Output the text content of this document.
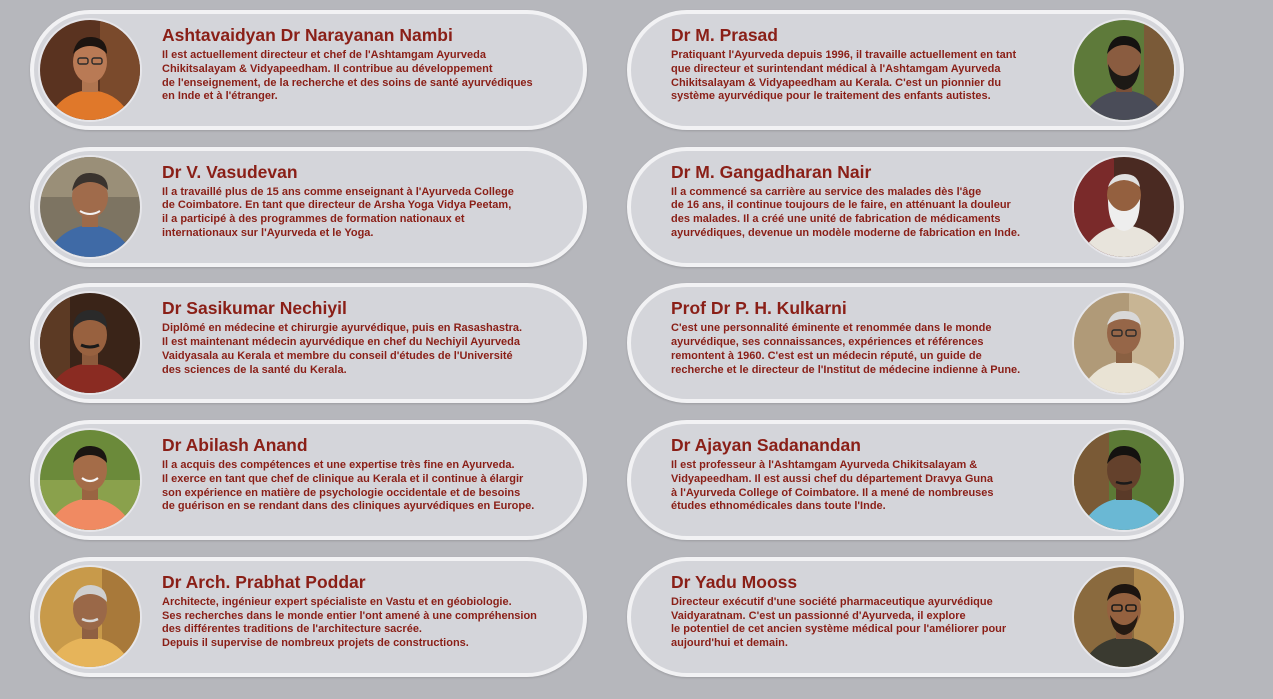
Ashtavaidyan Dr Narayanan Nambi
Il est actuellement directeur et chef de l'Ashtamgam Ayurveda
Chikitsalayam & Vidyapeedham. Il contribue au développement
de l'enseignement, de la recherche et des soins de santé ayurvédiques
en Inde et à l'étranger.
Dr V. Vasudevan
Il a travaillé plus de 15 ans comme enseignant à l'Ayurveda College
de Coimbatore. En tant que directeur de Arsha Yoga Vidya Peetam,
il a participé à des programmes de formation nationaux et
internationaux sur l'Ayurveda et le Yoga.
Dr Sasikumar Nechiyil
Diplômé en médecine et chirurgie ayurvédique, puis en Rasashastra.
Il est maintenant médecin ayurvédique en chef du Nechiyil Ayurveda
Vaidyasala au Kerala et membre du conseil d'études de l'Université
des sciences de la santé du Kerala.
Dr Abilash Anand
Il a acquis des compétences et une expertise très fine en Ayurveda.
Il exerce en tant que chef de clinique au Kerala et il continue à élargir
son expérience en matière de psychologie occidentale et de besoins
de guérison en se rendant dans des cliniques ayurvédiques en Europe.
Dr Arch. Prabhat Poddar
Architecte, ingénieur expert spécialiste en Vastu et en géobiologie.
Ses recherches dans le monde entier l'ont amené à une compréhension
des différentes traditions de l'architecture sacrée.
Depuis il supervise de nombreux projets de constructions.
Dr M. Prasad
Pratiquant l'Ayurveda depuis 1996, il travaille actuellement en tant
que directeur et surintendant médical à l'Ashtamgam Ayurveda
Chikitsalayam & Vidyapeedham au Kerala. C'est un pionnier du
système ayurvédique pour le traitement des enfants autistes.
Dr M. Gangadharan Nair
Il a commencé sa carrière au service des malades dès l'âge
de 16 ans, il continue toujours de le faire, en atténuant la douleur
des malades. Il a créé une unité de fabrication de médicaments
ayurvédiques, devenue un modèle moderne de fabrication en Inde.
Prof Dr P. H. Kulkarni
C'est une personnalité éminente et renommée dans le monde
ayurvédique, ses connaissances, expériences et références
remontent à 1960. C'est est un médecin réputé, un guide de
recherche et le directeur de l'Institut de médecine indienne à Pune.
Dr Ajayan Sadanandan
Il est professeur à l'Ashtamgam Ayurveda Chikitsalayam &
Vidyapeedham. Il est aussi chef du département Dravya Guna
à l'Ayurveda College of Coimbatore. Il a mené de nombreuses
études ethnomédicales dans toute l'Inde.
Dr Yadu Mooss
Directeur exécutif d'une société pharmaceutique ayurvédique
Vaidyaratnam. C'est un passionné d'Ayurveda, il explore
le potentiel de cet ancien système médical pour l'améliorer pour
aujourd'hui et demain.
